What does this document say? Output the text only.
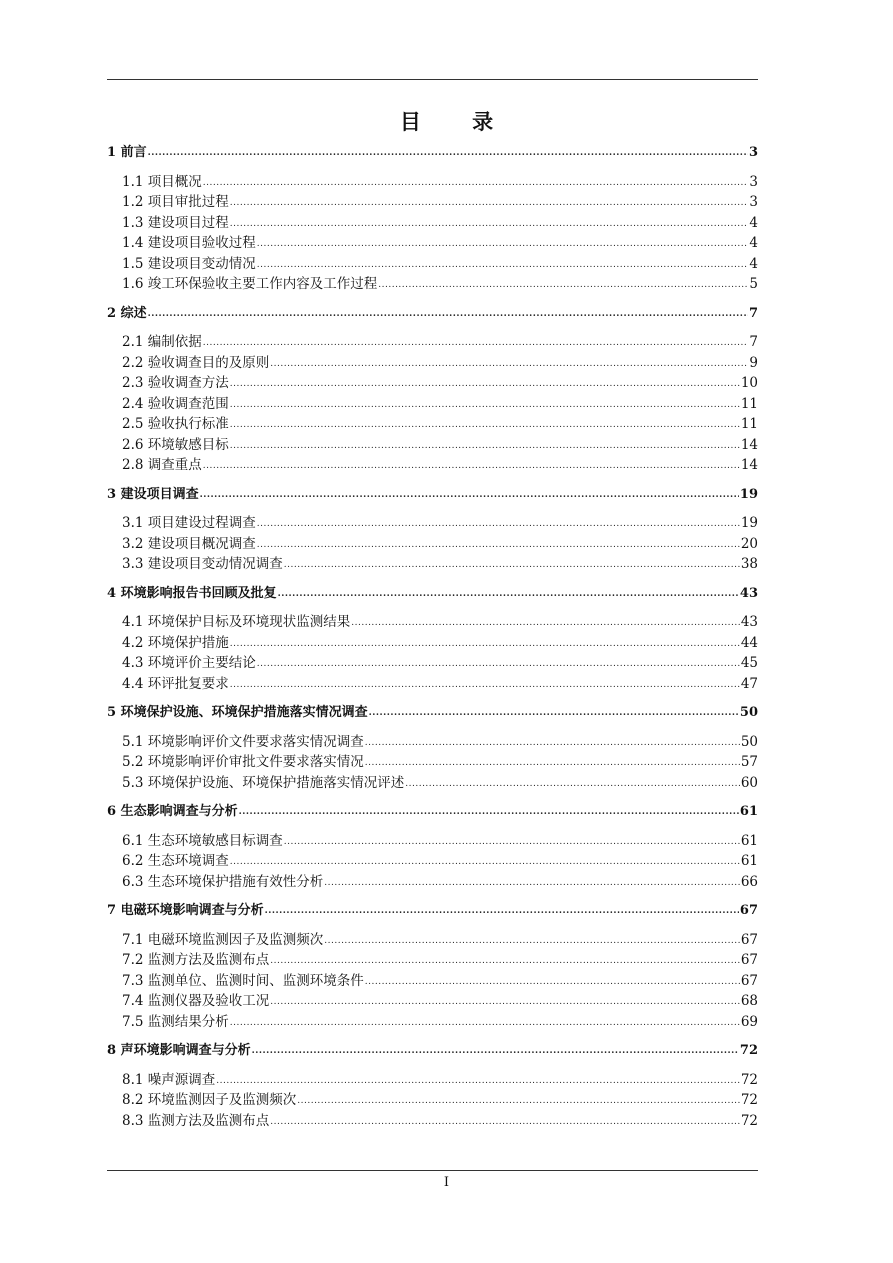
目 录
1 前言 .....	3
1.1 项目概况 .....	3
1.2 项目审批过程 .....	3
1.3 建设项目过程 .....	4
1.4 建设项目验收过程 .....	4
1.5 建设项目变动情况 .....	4
1.6 竣工环保验收主要工作内容及工作过程 .....	5
2 综述 .....	7
2.1 编制依据 .....	7
2.2 验收调查目的及原则 .....	9
2.3 验收调查方法 .....	10
2.4 验收调查范围 .....	11
2.5 验收执行标准 .....	11
2.6 环境敏感目标 .....	14
2.8 调查重点 .....	14
3 建设项目调查 .....	19
3.1 项目建设过程调查 .....	19
3.2 建设项目概况调查 .....	20
3.3 建设项目变动情况调查 .....	38
4 环境影响报告书回顾及批复 .....	43
4.1 环境保护目标及环境现状监测结果 .....	43
4.2 环境保护措施 .....	44
4.3 环境评价主要结论 .....	45
4.4 环评批复要求 .....	47
5 环境保护设施、环境保护措施落实情况调查 .....	50
5.1 环境影响评价文件要求落实情况调查 .....	50
5.2 环境影响评价审批文件要求落实情况 .....	57
5.3 环境保护设施、环境保护措施落实情况评述 .....	60
6 生态影响调查与分析 .....	61
6.1 生态环境敏感目标调查 .....	61
6.2 生态环境调查 .....	61
6.3 生态环境保护措施有效性分析 .....	66
7 电磁环境影响调查与分析 .....	67
7.1 电磁环境监测因子及监测频次 .....	67
7.2 监测方法及监测布点 .....	67
7.3 监测单位、监测时间、监测环境条件 .....	67
7.4 监测仪器及验收工况 .....	68
7.5 监测结果分析 .....	69
8 声环境影响调查与分析 .....	72
8.1 噪声源调查 .....	72
8.2 环境监测因子及监测频次 .....	72
8.3 监测方法及监测布点 .....	72
I
